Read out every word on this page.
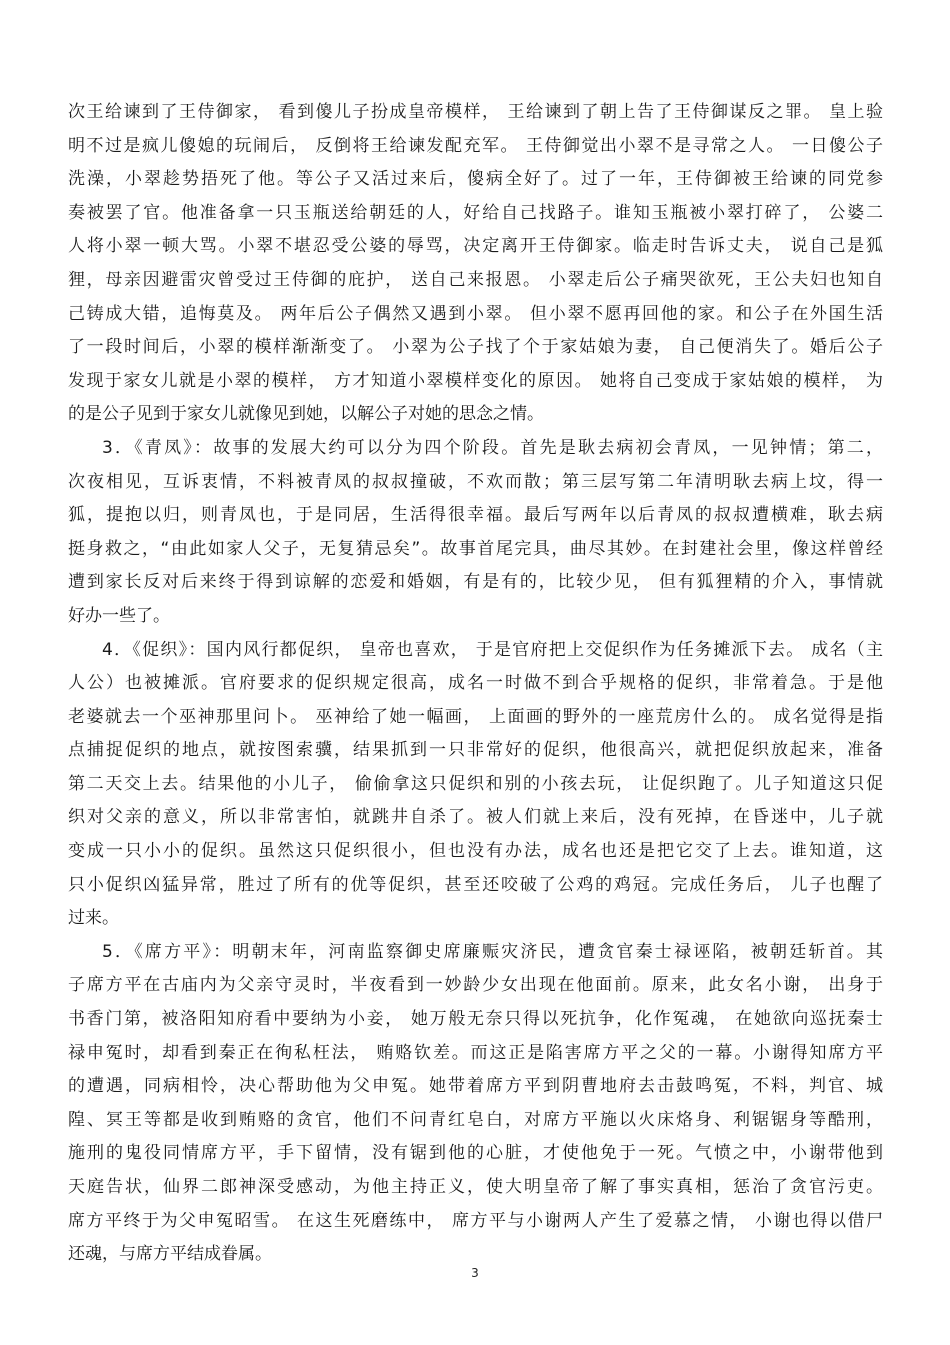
次王给谏到了王侍御家， 看到傻儿子扮成皇帝模样， 王给谏到了朝上告了王侍御谋反之罪。 皇上验
明不过是疯儿傻媳的玩闹后， 反倒将王给谏发配充军。 王侍御觉出小翠不是寻常之人。 一日傻公子
洗澡，小翠趁势捂死了他。等公子又活过来后，傻病全好了。过了一年，王侍御被王给谏的同党参
奏被罢了官。他准备拿一只玉瓶送给朝廷的人，好给自己找路子。谁知玉瓶被小翠打碎了， 公婆二
人将小翠一顿大骂。小翠不堪忍受公婆的辱骂，决定离开王侍御家。临走时告诉丈夫， 说自己是狐
狸，母亲因避雷灾曾受过王侍御的庇护， 送自己来报恩。 小翠走后公子痛哭欲死，王公夫妇也知自
己铸成大错，追悔莫及。 两年后公子偶然又遇到小翠。 但小翠不愿再回他的家。和公子在外国生活
了一段时间后，小翠的模样渐渐变了。 小翠为公子找了个于家姑娘为妻， 自己便消失了。婚后公子
发现于家女儿就是小翠的模样， 方才知道小翠模样变化的原因。 她将自己变成于家姑娘的模样， 为
的是公子见到于家女儿就像见到她，以解公子对她的思念之情。
3．《青凤》：故事的发展大约可以分为四个阶段。首先是耿去病初会青凤，一见钟情；第二，
次夜相见，互诉衷情，不料被青凤的叔叔撞破，不欢而散；第三层写第二年清明耿去病上坟，得一
狐，提抱以归，则青凤也，于是同居，生活得很幸福。最后写两年以后青凤的叔叔遭横难，耿去病
挺身救之，“由此如家人父子，无复猜忌矣”。故事首尾完具，曲尽其妙。在封建社会里，像这样曾经
遭到家长反对后来终于得到谅解的恋爱和婚姻，有是有的，比较少见， 但有狐狸精的介入，事情就
好办一些了。
4．《促织》：国内风行都促织， 皇帝也喜欢， 于是官府把上交促织作为任务摊派下去。 成名（主
人公）也被摊派。官府要求的促织规定很高，成名一时做不到合乎规格的促织，非常着急。于是他
老婆就去一个巫神那里问卜。 巫神给了她一幅画， 上面画的野外的一座荒房什么的。 成名觉得是指
点捕捉促织的地点，就按图索骥，结果抓到一只非常好的促织，他很高兴，就把促织放起来，准备
第二天交上去。结果他的小儿子， 偷偷拿这只促织和别的小孩去玩， 让促织跑了。儿子知道这只促
织对父亲的意义，所以非常害怕，就跳井自杀了。被人们就上来后，没有死掉，在昏迷中，儿子就
变成一只小小的促织。虽然这只促织很小，但也没有办法，成名也还是把它交了上去。谁知道，这
只小促织凶猛异常，胜过了所有的优等促织，甚至还咬破了公鸡的鸡冠。完成任务后， 儿子也醒了
过来。
5．《席方平》：明朝末年，河南监察御史席廉赈灾济民，遭贪官秦士禄诬陷，被朝廷斩首。其
子席方平在古庙内为父亲守灵时，半夜看到一妙龄少女出现在他面前。原来，此女名小谢， 出身于
书香门第，被洛阳知府看中要纳为小妾， 她万般无奈只得以死抗争，化作冤魂， 在她欲向巡抚秦士
禄申冤时，却看到秦正在徇私枉法， 贿赂钦差。而这正是陷害席方平之父的一幕。小谢得知席方平
的遭遇，同病相怜，决心帮助他为父申冤。她带着席方平到阴曹地府去击鼓鸣冤，不料，判官、城
隍、冥王等都是收到贿赂的贪官，他们不问青红皂白，对席方平施以火床烙身、利锯锯身等酷刑，
施刑的鬼役同情席方平，手下留情，没有锯到他的心脏，才使他免于一死。气愤之中，小谢带他到
天庭告状，仙界二郎神深受感动，为他主持正义，使大明皇帝了解了事实真相，惩治了贪官污吏。
席方平终于为父申冤昭雪。 在这生死磨练中， 席方平与小谢两人产生了爱慕之情， 小谢也得以借尸
还魂，与席方平结成眷属。
3
